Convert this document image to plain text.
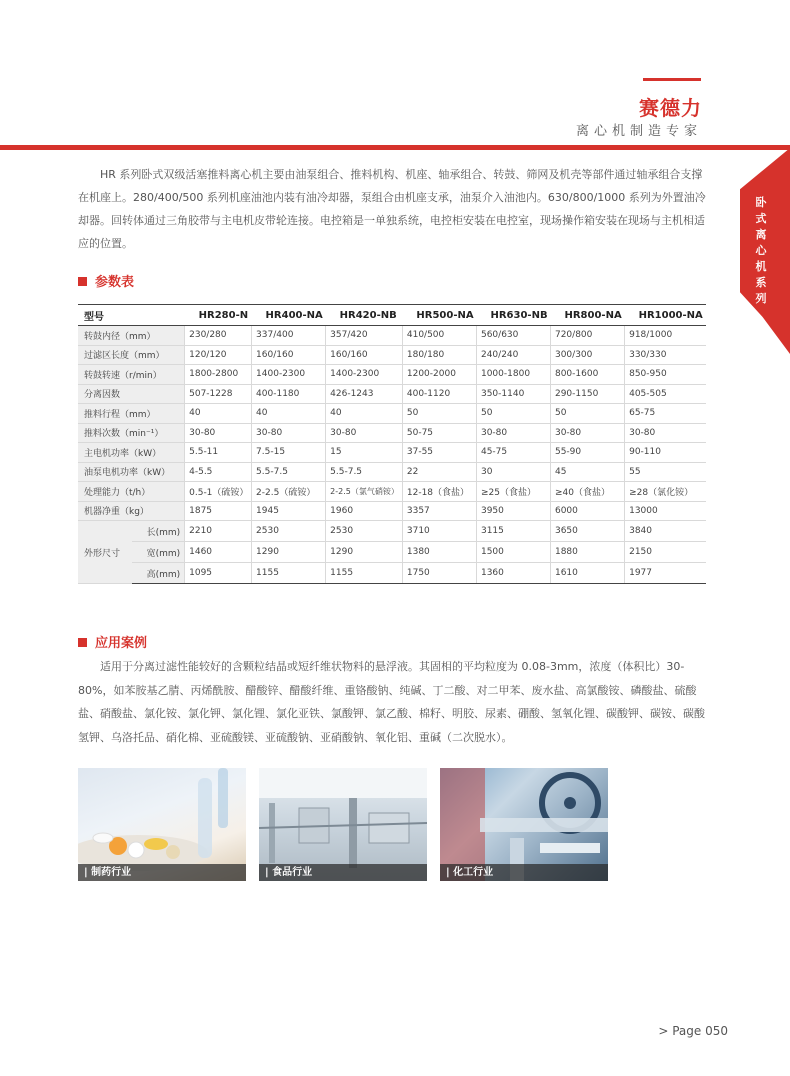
赛德力
离心机制造专家
卧式离心机系列

HR 系列卧式双级活塞推料离心机主要由油泵组合、推料机构、机座、轴承组合、转鼓、筛网及机壳等部件通过轴承组合支撑在机座上。280/400/500 系列机座油池内装有油冷却器，泵组合由机座支承，油泵介入油池内。630/800/1000 系列为外置油冷却器。回转体通过三角胶带与主电机皮带轮连接。电控箱是一单独系统，电控柜安装在电控室，现场操作箱安装在现场与主机相适应的位置。

参数表
型号		HR280-N	HR400-NA	HR420-NB	HR500-NA	HR630-NB	HR800-NA	HR1000-NA
转鼓内径（mm）		230/280	337/400	357/420	410/500	560/630	720/800	918/1000
过滤区长度（mm）		120/120	160/160	160/160	180/180	240/240	300/300	330/330
转鼓转速（r/min）		1800-2800	1400-2300	1400-2300	1200-2000	1000-1800	800-1600	850-950
分离因数		507-1228	400-1180	426-1243	400-1120	350-1140	290-1150	405-505
推料行程（mm）		40	40	40	50	50	50	65-75
推料次数（min⁻¹）		30-80	30-80	30-80	50-75	30-80	30-80	30-80
主电机功率（kW）		5.5-11	7.5-15	15	37-55	45-75	55-90	90-110
油泵电机功率（kW）		4-5.5	5.5-7.5	5.5-7.5	22	30	45	55
处理能力（t/h）		0.5-1（硫铵）	2-2.5（硫铵）	2-2.5（氯气硝铵）	12-18（食盐）	≥25（食盐）	≥40（食盐）	≥28（氯化铵）
机器净重（kg）		1875	1945	1960	3357	3950	6000	13000
外形尺寸	长(mm)	2210	2530	2530	3710	3115	3650	3840
	宽(mm)	1460	1290	1290	1380	1500	1880	2150
	高(mm)	1095	1155	1155	1750	1360	1610	1977
应用案例

适用于分离过滤性能较好的含颗粒结晶或短纤维状物料的悬浮液。其固相的平均粒度为 0.08-3mm，浓度（体积比）30-80%，如苯胺基乙腈、丙烯酰胺、醋酸锌、醋酸纤维、重铬酸钠、纯碱、丁二酸、对二甲苯、废水盐、高氯酸铵、磷酸盐、硫酸盐、硝酸盐、氯化铵、氯化钾、氯化锂、氯化亚铁、氯酸钾、氯乙酸、棉籽、明胶、尿素、硼酸、氢氧化锂、碳酸钾、碳铵、碳酸氢钾、乌洛托品、硝化棉、亚硫酸镁、亚硫酸钠、亚硝酸钠、氧化铝、重碱（二次脱水）。

| 制药行业	| 食品行业	| 化工行业
> Page 050
